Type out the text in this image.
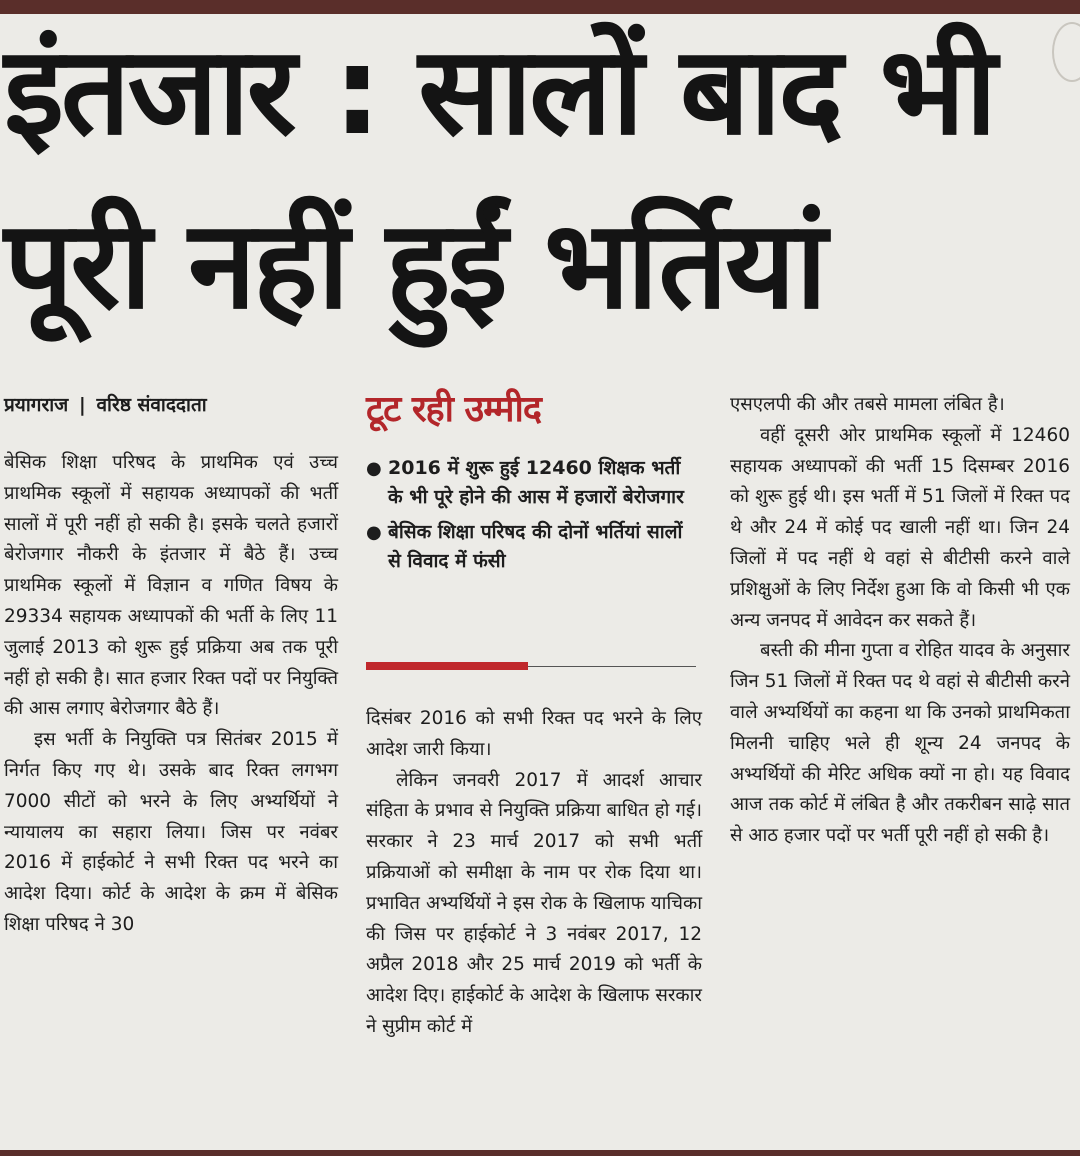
इंतजार : सालों बाद भी
पूरी नहीं हुईं भर्तियां
प्रयागराज | वरिष्ठ संवाददाता

बेसिक शिक्षा परिषद के प्राथमिक एवं उच्च प्राथमिक स्कूलों में सहायक अध्यापकों की भर्ती सालों में पूरी नहीं हो सकी है। इसके चलते हजारों बेरोजगार नौकरी के इंतजार में बैठे हैं। उच्च प्राथमिक स्कूलों में विज्ञान व गणित विषय के 29334 सहायक अध्यापकों की भर्ती के लिए 11 जुलाई 2013 को शुरू हुई प्रक्रिया अब तक पूरी नहीं हो सकी है। सात हजार रिक्त पदों पर नियुक्ति की आस लगाए बेरोजगार बैठे हैं।

इस भर्ती के नियुक्ति पत्र सितंबर 2015 में निर्गत किए गए थे। उसके बाद रिक्त लगभग 7000 सीटों को भरने के लिए अभ्यर्थियों ने न्यायालय का सहारा लिया। जिस पर नवंबर 2016 में हाईकोर्ट ने सभी रिक्त पद भरने का आदेश दिया। कोर्ट के आदेश के क्रम में बेसिक शिक्षा परिषद ने 30

टूट रही उम्मीद
● 2016 में शुरू हुई 12460 शिक्षक भर्ती के भी पूरे होने की आस में हजारों बेरोजगार
● बेसिक शिक्षा परिषद की दोनों भर्तियां सालों से विवाद में फंसी

दिसंबर 2016 को सभी रिक्त पद भरने के लिए आदेश जारी किया।

लेकिन जनवरी 2017 में आदर्श आचार संहिता के प्रभाव से नियुक्ति प्रक्रिया बाधित हो गई। सरकार ने 23 मार्च 2017 को सभी भर्ती प्रक्रियाओं को समीक्षा के नाम पर रोक दिया था। प्रभावित अभ्यर्थियों ने इस रोक के खिलाफ याचिका की जिस पर हाईकोर्ट ने 3 नवंबर 2017, 12 अप्रैल 2018 और 25 मार्च 2019 को भर्ती के आदेश दिए। हाईकोर्ट के आदेश के खिलाफ सरकार ने सुप्रीम कोर्ट में

एसएलपी की और तबसे मामला लंबित है।

वहीं दूसरी ओर प्राथमिक स्कूलों में 12460 सहायक अध्यापकों की भर्ती 15 दिसम्बर 2016 को शुरू हुई थी। इस भर्ती में 51 जिलों में रिक्त पद थे और 24 में कोई पद खाली नहीं था। जिन 24 जिलों में पद नहीं थे वहां से बीटीसी करने वाले प्रशिक्षुओं के लिए निर्देश हुआ कि वो किसी भी एक अन्य जनपद में आवेदन कर सकते हैं।

बस्ती की मीना गुप्ता व रोहित यादव के अनुसार जिन 51 जिलों में रिक्त पद थे वहां से बीटीसी करने वाले अभ्यर्थियों का कहना था कि उनको प्राथमिकता मिलनी चाहिए भले ही शून्य 24 जनपद के अभ्यर्थियों की मेरिट अधिक क्यों ना हो। यह विवाद आज तक कोर्ट में लंबित है और तकरीबन साढ़े सात से आठ हजार पदों पर भर्ती पूरी नहीं हो सकी है।
